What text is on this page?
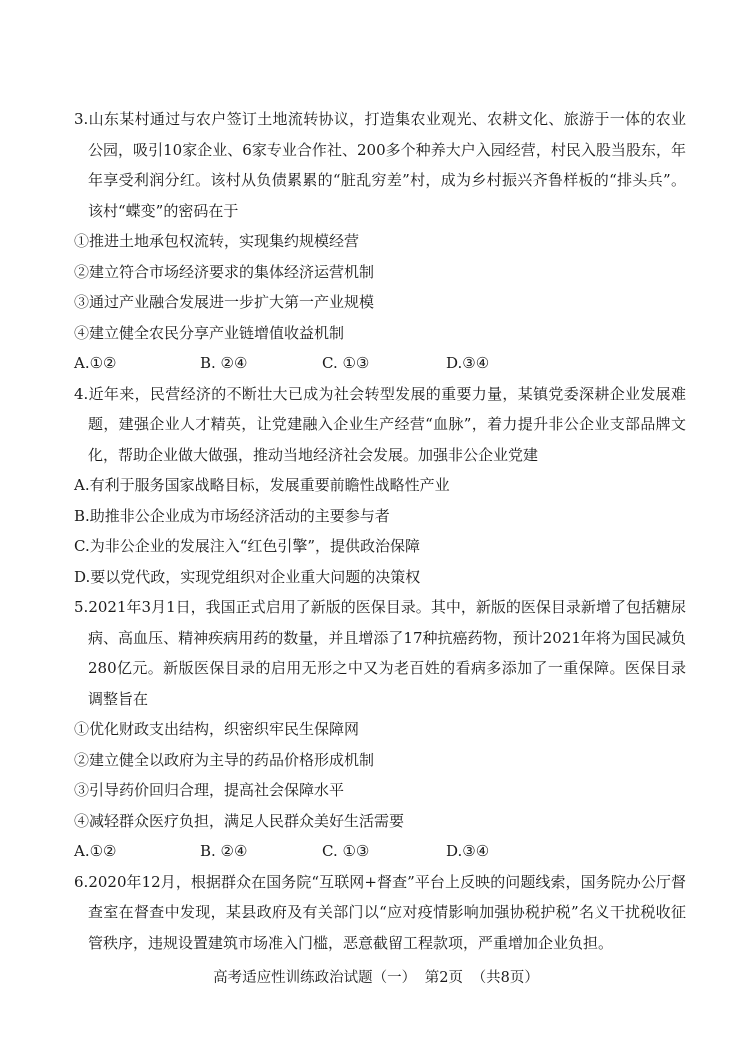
3.山东某村通过与农户签订土地流转协议，打造集农业观光、农耕文化、旅游于一体的农业公园，吸引10家企业、6家专业合作社、200多个种养大户入园经营，村民入股当股东，年年享受利润分红。该村从负债累累的“脏乱穷差”村，成为乡村振兴齐鲁样板的“排头兵”。该村“蝶变”的密码在于

①推进土地承包权流转，实现集约规模经营

②建立符合市场经济要求的集体经济运营机制

③通过产业融合发展进一步扩大第一产业规模

④建立健全农民分享产业链增值收益机制

A.①②	B. ②④	C. ①③	D.③④

4.近年来，民营经济的不断壮大已成为社会转型发展的重要力量，某镇党委深耕企业发展难题，建强企业人才精英，让党建融入企业生产经营“血脉”，着力提升非公企业支部品牌文化，帮助企业做大做强，推动当地经济社会发展。加强非公企业党建

A.有利于服务国家战略目标，发展重要前瞻性战略性产业

B.助推非公企业成为市场经济活动的主要参与者

C.为非公企业的发展注入“红色引擎”，提供政治保障

D.要以党代政，实现党组织对企业重大问题的决策权

5.2021年3月1日，我国正式启用了新版的医保目录。其中，新版的医保目录新增了包括糖尿病、高血压、精神疾病用药的数量，并且增添了17种抗癌药物，预计2021年将为国民减负280亿元。新版医保目录的启用无形之中又为老百姓的看病多添加了一重保障。医保目录调整旨在

①优化财政支出结构，织密织牢民生保障网

②建立健全以政府为主导的药品价格形成机制

③引导药价回归合理，提高社会保障水平

④减轻群众医疗负担，满足人民群众美好生活需要

A.①②	B. ②④	C. ①③	D.③④

6.2020年12月，根据群众在国务院“互联网+督查”平台上反映的问题线索，国务院办公厅督查室在督查中发现，某县政府及有关部门以“应对疫情影响加强协税护税”名义干扰税收征管秩序，违规设置建筑市场准入门槛，恶意截留工程款项，严重增加企业负担。

高考适应性训练政治试题（一） 第2页 （共8页）
